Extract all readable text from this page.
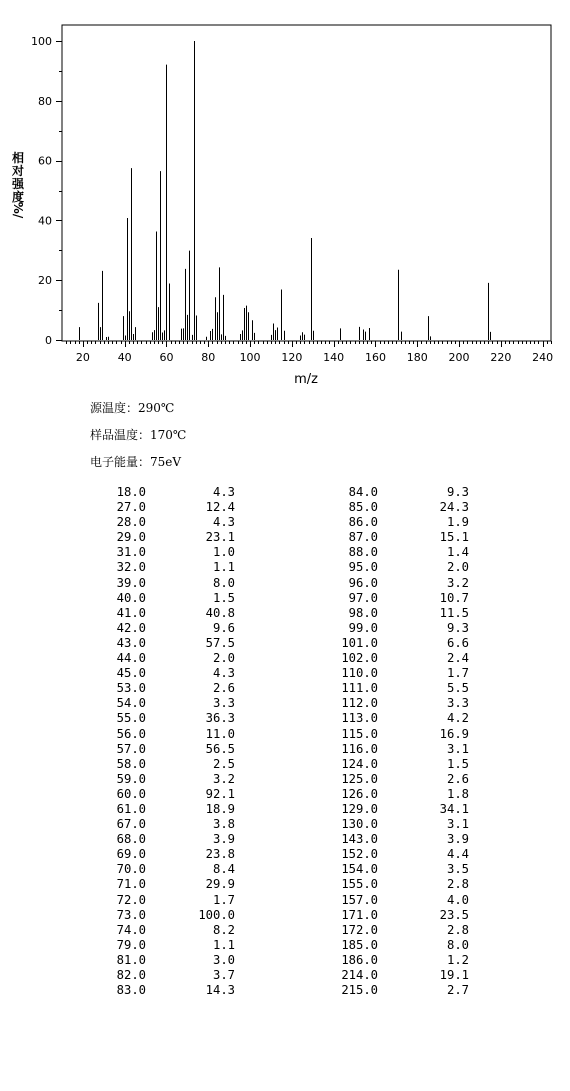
20	40	60	80 100 120 140 160 180 200 220 240
0
20
40
60
80
100
m/z
相
对
强
度
%/
源温度：290℃
样品温度：170℃
电子能量：75eV
18.0	4.3	84.0	9.3
27.0	12.4	85.0	24.3
28.0	4.3	86.0	1.9
29.0	23.1	87.0	15.1
31.0	1.0	88.0	1.4
32.0	1.1	95.0	2.0
39.0	8.0	96.0	3.2
40.0	1.5	97.0	10.7
41.0	40.8	98.0	11.5
42.0	9.6	99.0	9.3
43.0	57.5	101.0	6.6
44.0	2.0	102.0	2.4
45.0	4.3	110.0	1.7
53.0	2.6	111.0	5.5
54.0	3.3	112.0	3.3
55.0	36.3	113.0	4.2
56.0	11.0	115.0	16.9
57.0	56.5	116.0	3.1
58.0	2.5	124.0	1.5
59.0	3.2	125.0	2.6
60.0	92.1	126.0	1.8
61.0	18.9	129.0	34.1
67.0	3.8	130.0	3.1
68.0	3.9	143.0	3.9
69.0	23.8	152.0	4.4
70.0	8.4	154.0	3.5
71.0	29.9	155.0	2.8
72.0	1.7	157.0	4.0
73.0	100.0	171.0	23.5
74.0	8.2	172.0	2.8
79.0	1.1	185.0	8.0
81.0	3.0	186.0	1.2
82.0	3.7	214.0	19.1
83.0	14.3	215.0	2.7
